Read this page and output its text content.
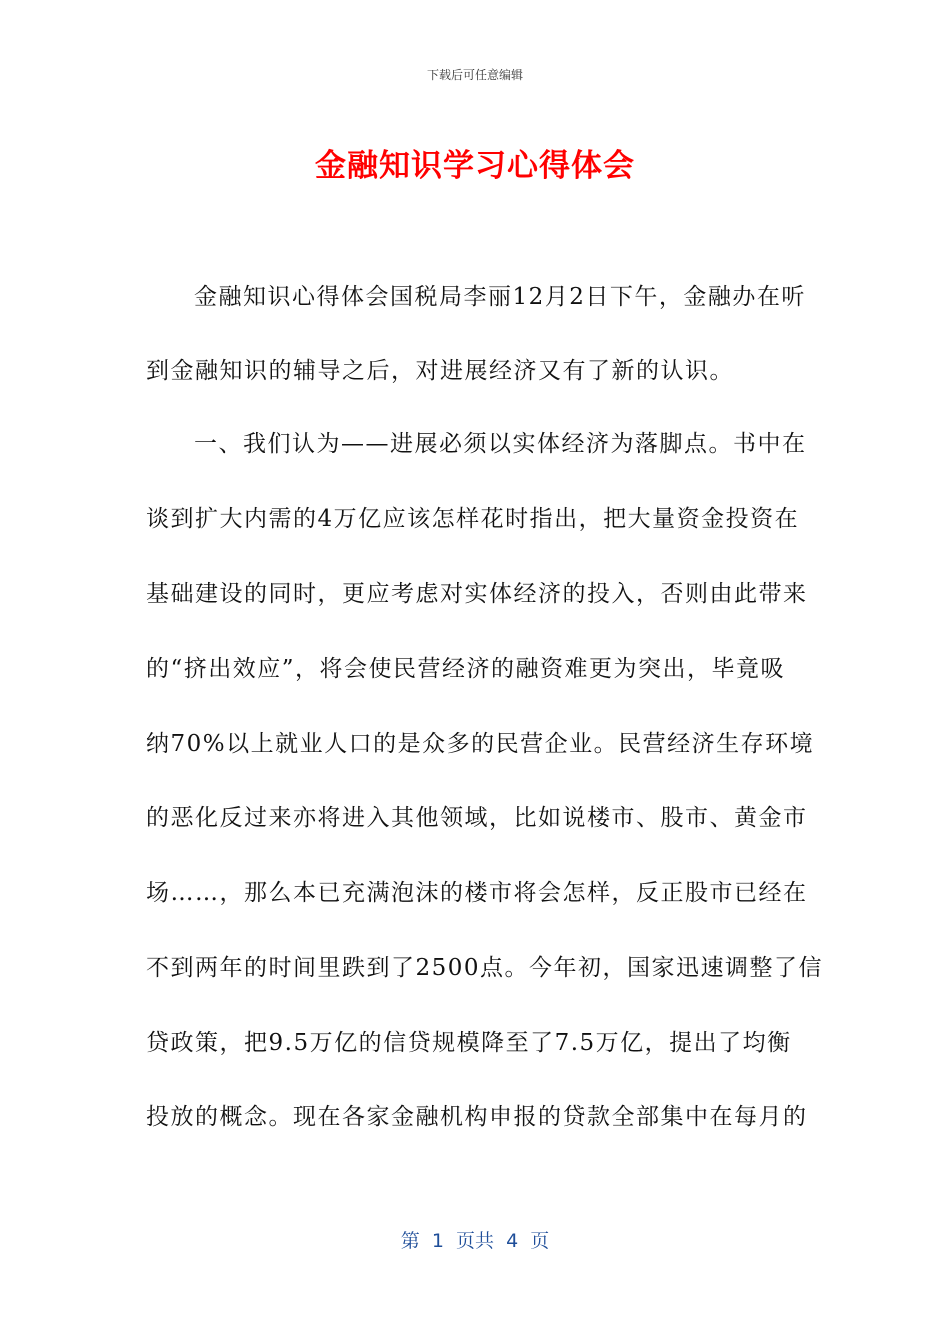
下载后可任意编辑
金融知识学习心得体会
金融知识心得体会国税局李丽12月2日下午，金融办在听
到金融知识的辅导之后，对进展经济又有了新的认识。
一、我们认为——进展必须以实体经济为落脚点。书中在
谈到扩大内需的4万亿应该怎样花时指出，把大量资金投资在
基础建设的同时，更应考虑对实体经济的投入，否则由此带来
的“挤出效应”，将会使民营经济的融资难更为突出，毕竟吸
纳70%以上就业人口的是众多的民营企业。民营经济生存环境
的恶化反过来亦将进入其他领域，比如说楼市、股市、黄金市
场……，那么本已充满泡沫的楼市将会怎样，反正股市已经在
不到两年的时间里跌到了2500点。今年初，国家迅速调整了信
贷政策，把9.5万亿的信贷规模降至了7.5万亿，提出了均衡
投放的概念。现在各家金融机构申报的贷款全部集中在每月的
第  1  页共  4  页
